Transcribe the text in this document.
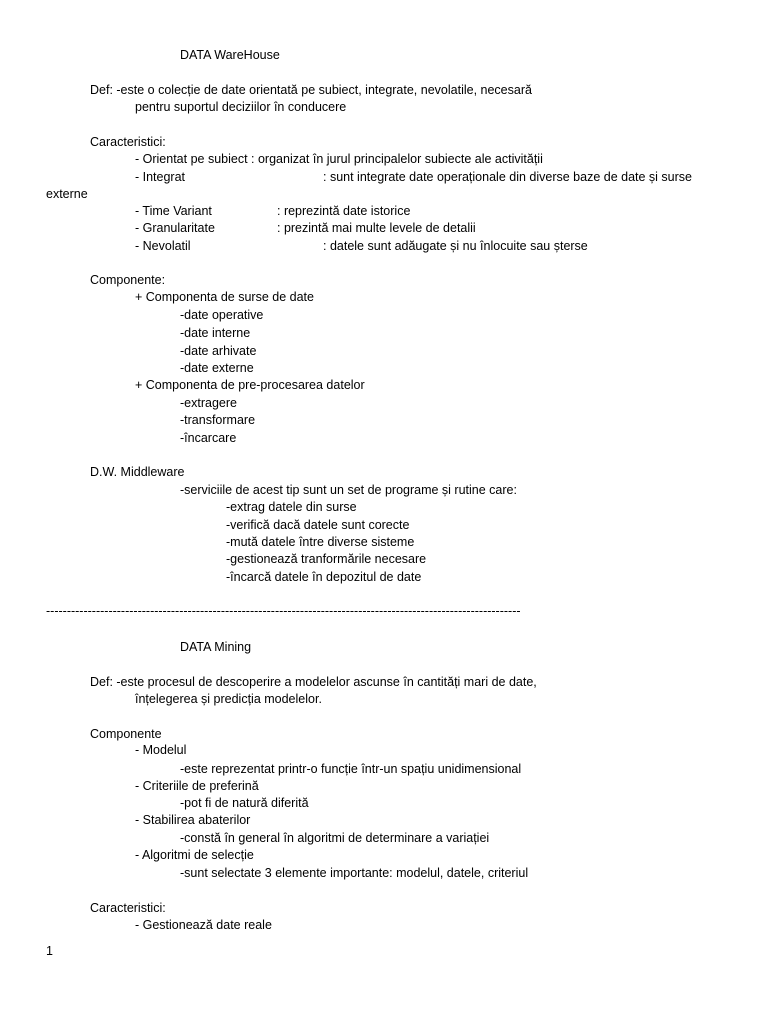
DATA WareHouse
Def: -este o colecție de date orientată pe subiect, integrate, nevolatile, necesară
pentru suportul deciziilor în conducere
Caracteristici:
- Orientat pe subiect : organizat în jurul principalelor subiecte ale activității
- Integrat	: sunt integrate date operaționale din diverse baze de date și surse
externe
- Time Variant	: reprezintă date istorice
- Granularitate	: prezintă mai multe levele de detalii
- Nevolatil	: datele sunt adăugate și nu înlocuite sau șterse
Componente:
+ Componenta de surse de date
-date operative
-date interne
-date arhivate
-date externe
+ Componenta de pre-procesarea datelor
-extragere
-transformare
-încarcare
D.W. Middleware
-serviciile de acest tip sunt un set de programe și rutine care:
-extrag datele din surse
-verifică dacă datele sunt corecte
-mută datele între diverse sisteme
-gestionează tranformările necesare
-încarcă datele în depozitul de date
------------------------------------------------------------------------------------------------------------------
DATA Mining
Def: -este procesul de descoperire a modelelor ascunse în cantități mari de date,
înțelegerea și predicția modelelor.
Componente
- Modelul
-este reprezentat printr-o funcție într-un spațiu unidimensional
- Criteriile de preferină
-pot fi de natură diferită
- Stabilirea abaterilor
-constă în general în algoritmi de determinare a variației
- Algoritmi de selecție
-sunt selectate 3 elemente importante: modelul, datele, criteriul
Caracteristici:
- Gestionează date reale
1
